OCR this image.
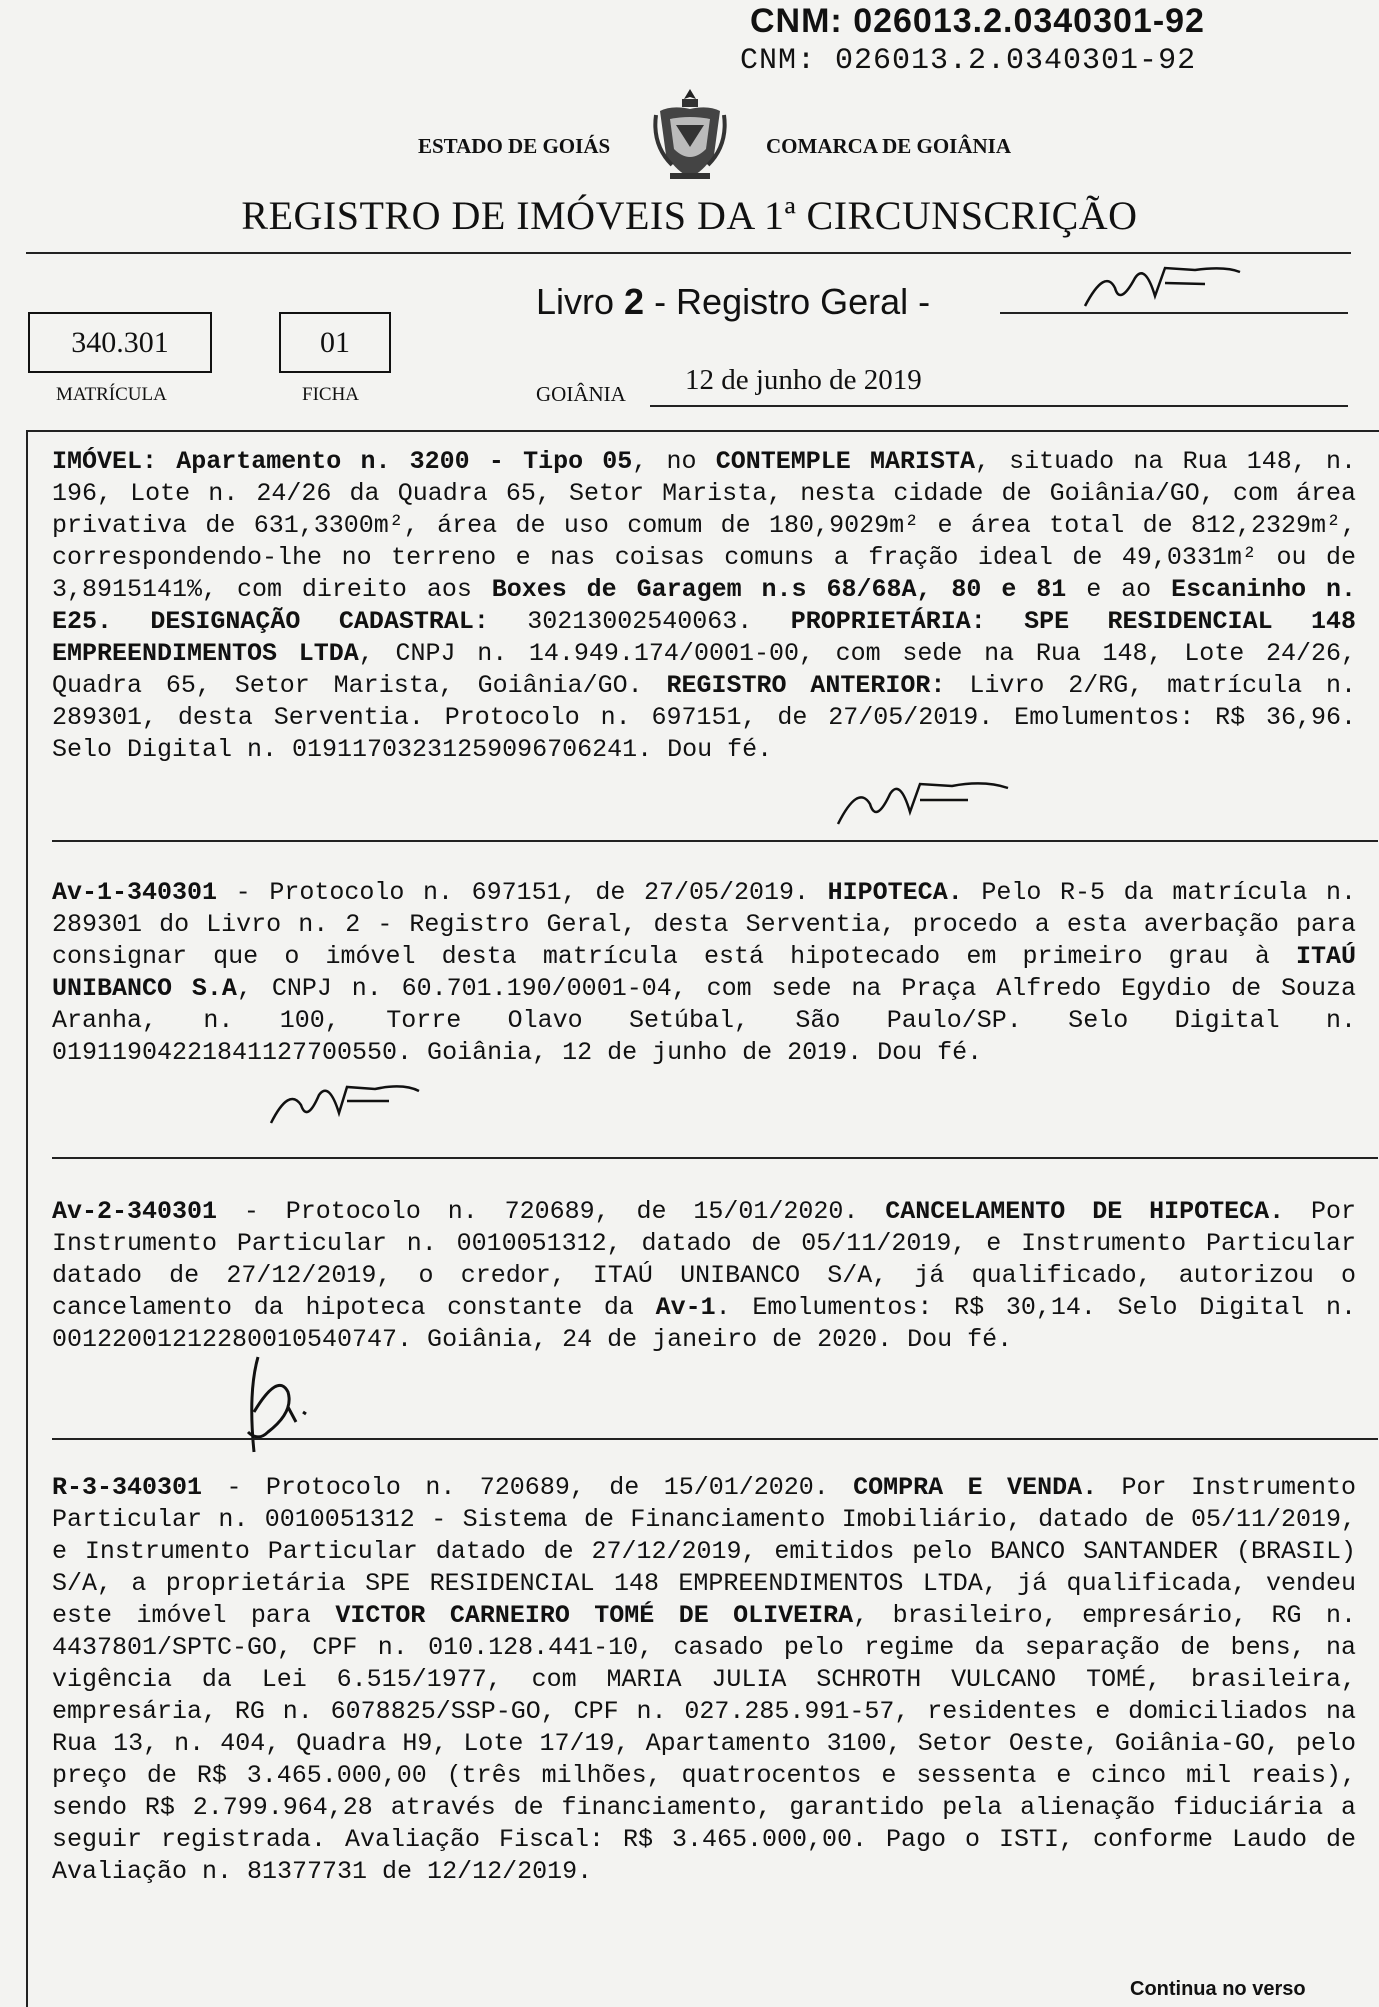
CNM: 026013.2.0340301-92
CNM: 026013.2.0340301-92
ESTADO DE GOIÁS	COMARCA DE GOIÂNIA
REGISTRO DE IMÓVEIS DA 1ª CIRCUNSCRIÇÃO
Livro 2 - Registro Geral -
340.301
MATRÍCULA
01
FICHA	GOIÂNIA 12 de junho de 2019
IMÓVEL: Apartamento n. 3200 - Tipo 05, no CONTEMPLE MARISTA, situado na Rua 148, n. 196, Lote n. 24/26 da Quadra 65, Setor Marista, nesta cidade de Goiânia/GO, com área privativa de 631,3300m², área de uso comum de 180,9029m² e área total de 812,2329m², correspondendo-lhe no terreno e nas coisas comuns a fração ideal de 49,0331m² ou de 3,8915141%, com direito aos Boxes de Garagem n.s 68/68A, 80 e 81 e ao Escaninho n. E25. DESIGNAÇÃO CADASTRAL: 30213002540063. PROPRIETÁRIA: SPE RESIDENCIAL 148 EMPREENDIMENTOS LTDA, CNPJ n. 14.949.174/0001-00, com sede na Rua 148, Lote 24/26, Quadra 65, Setor Marista, Goiânia/GO. REGISTRO ANTERIOR: Livro 2/RG, matrícula n. 289301, desta Serventia. Protocolo n. 697151, de 27/05/2019. Emolumentos: R$ 36,96. Selo Digital n. 01911703231259096706241. Dou fé.
Av-1-340301 - Protocolo n. 697151, de 27/05/2019. HIPOTECA. Pelo R-5 da matrícula n. 289301 do Livro n. 2 - Registro Geral, desta Serventia, procedo a esta averbação para consignar que o imóvel desta matrícula está hipotecado em primeiro grau à ITAÚ UNIBANCO S.A, CNPJ n. 60.701.190/0001-04, com sede na Praça Alfredo Egydio de Souza Aranha, n. 100, Torre Olavo Setúbal, São Paulo/SP. Selo Digital n. 01911904221841127700550. Goiânia, 12 de junho de 2019. Dou fé.
Av-2-340301 - Protocolo n. 720689, de 15/01/2020. CANCELAMENTO DE HIPOTECA. Por Instrumento Particular n. 0010051312, datado de 05/11/2019, e Instrumento Particular datado de 27/12/2019, o credor, ITAÚ UNIBANCO S/A, já qualificado, autorizou o cancelamento da hipoteca constante da Av-1. Emolumentos: R$ 30,14. Selo Digital n. 00122001212280010540747. Goiânia, 24 de janeiro de 2020. Dou fé.
R-3-340301 - Protocolo n. 720689, de 15/01/2020. COMPRA E VENDA. Por Instrumento Particular n. 0010051312 - Sistema de Financiamento Imobiliário, datado de 05/11/2019, e Instrumento Particular datado de 27/12/2019, emitidos pelo BANCO SANTANDER (BRASIL) S/A, a proprietária SPE RESIDENCIAL 148 EMPREENDIMENTOS LTDA, já qualificada, vendeu este imóvel para VICTOR CARNEIRO TOMÉ DE OLIVEIRA, brasileiro, empresário, RG n. 4437801/SPTC-GO, CPF n. 010.128.441-10, casado pelo regime da separação de bens, na vigência da Lei 6.515/1977, com MARIA JULIA SCHROTH VULCANO TOMÉ, brasileira, empresária, RG n. 6078825/SSP-GO, CPF n. 027.285.991-57, residentes e domiciliados na Rua 13, n. 404, Quadra H9, Lote 17/19, Apartamento 3100, Setor Oeste, Goiânia-GO, pelo preço de R$ 3.465.000,00 (três milhões, quatrocentos e sessenta e cinco mil reais), sendo R$ 2.799.964,28 através de financiamento, garantido pela alienação fiduciária a seguir registrada. Avaliação Fiscal: R$ 3.465.000,00. Pago o ISTI, conforme Laudo de Avaliação n. 81377731 de 12/12/2019.
Continua no verso
